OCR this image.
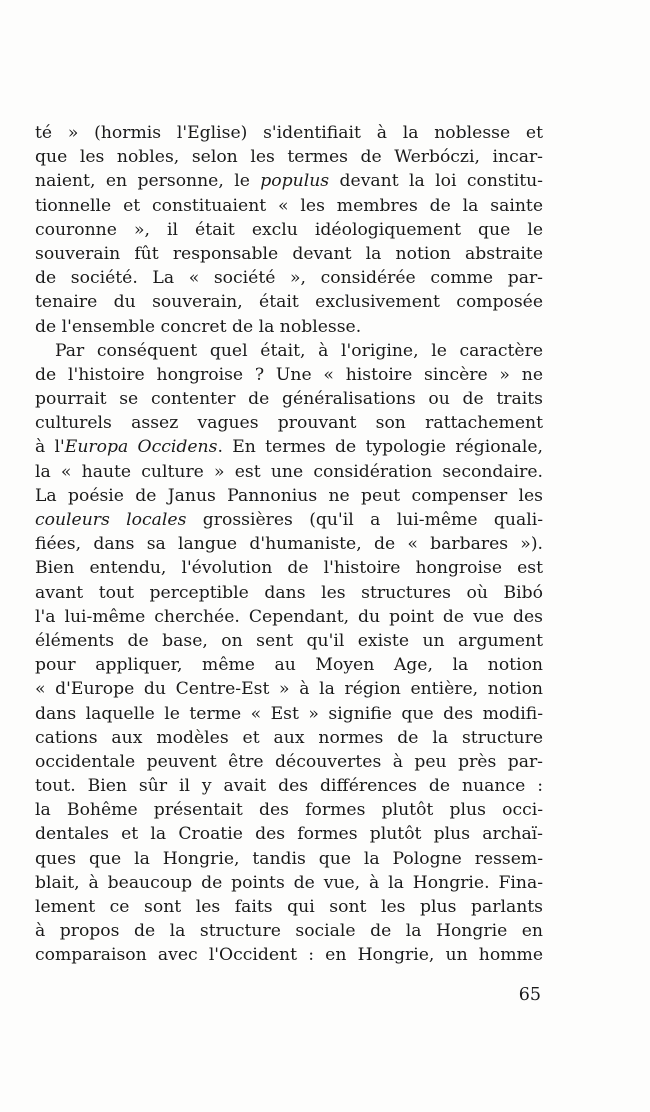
té » (hormis l'Eglise) s'identifiait à la noblesse et
que les nobles, selon les termes de Werbóczi, incar-
naient, en personne, le populus devant la loi constitu-
tionnelle et constituaient « les membres de la sainte
couronne », il était exclu idéologiquement que le
souverain fût responsable devant la notion abstraite
de société. La « société », considérée comme par-
tenaire du souverain, était exclusivement composée
de l'ensemble concret de la noblesse.
Par conséquent quel était, à l'origine, le caractère
de l'histoire hongroise ? Une « histoire sincère » ne
pourrait se contenter de généralisations ou de traits
culturels assez vagues prouvant son rattachement
à l'Europa Occidens. En termes de typologie régionale,
la « haute culture » est une considération secondaire.
La poésie de Janus Pannonius ne peut compenser les
couleurs locales grossières (qu'il a lui-même quali-
fiées, dans sa langue d'humaniste, de « barbares »).
Bien entendu, l'évolution de l'histoire hongroise est
avant tout perceptible dans les structures où Bibó
l'a lui-même cherchée. Cependant, du point de vue des
éléments de base, on sent qu'il existe un argument
pour appliquer, même au Moyen Age, la notion
« d'Europe du Centre-Est » à la région entière, notion
dans laquelle le terme « Est » signifie que des modifi-
cations aux modèles et aux normes de la structure
occidentale peuvent être découvertes à peu près par-
tout. Bien sûr il y avait des différences de nuance :
la Bohême présentait des formes plutôt plus occi-
dentales et la Croatie des formes plutôt plus archaï-
ques que la Hongrie, tandis que la Pologne ressem-
blait, à beaucoup de points de vue, à la Hongrie. Fina-
lement ce sont les faits qui sont les plus parlants
à propos de la structure sociale de la Hongrie en
comparaison avec l'Occident : en Hongrie, un homme
65
